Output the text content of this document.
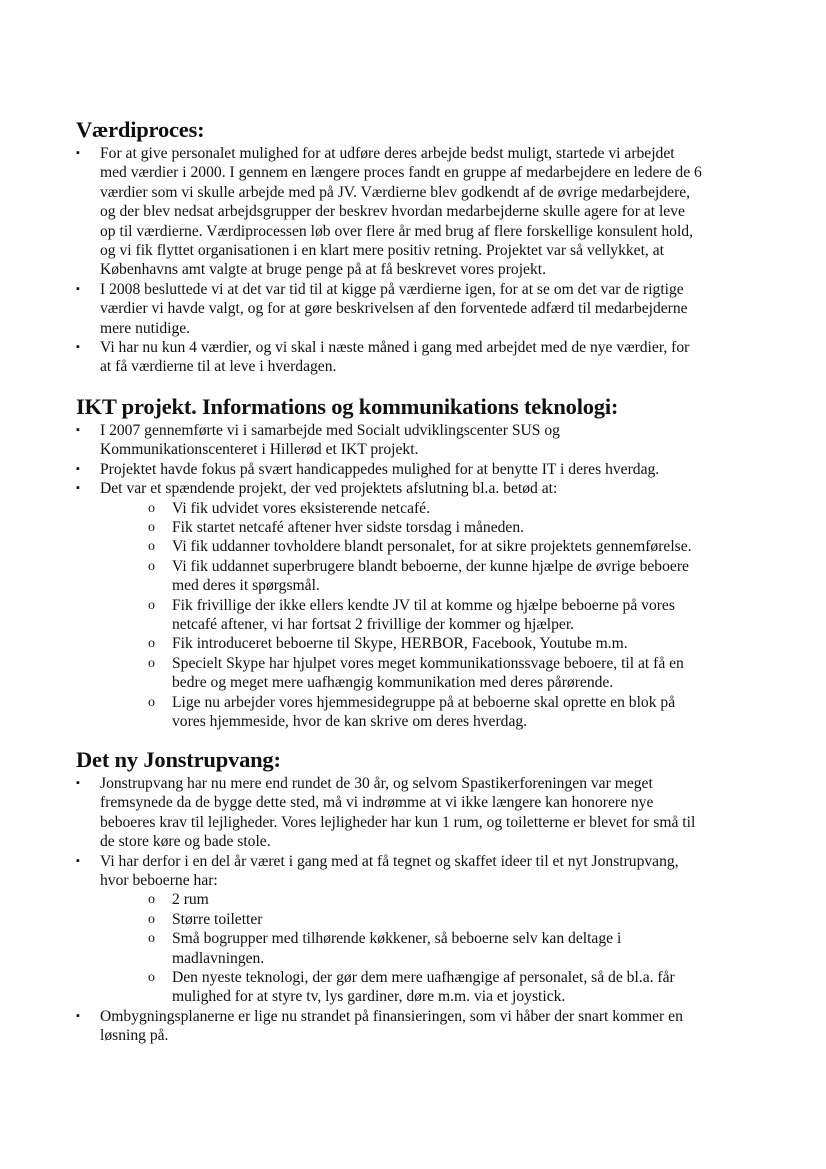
Værdiproces:
▪ For at give personalet mulighed for at udføre deres arbejde bedst muligt, startede vi arbejdet
med værdier i 2000. I gennem en længere proces fandt en gruppe af medarbejdere en ledere de 6
værdier som vi skulle arbejde med på JV. Værdierne blev godkendt af de øvrige medarbejdere,
og der blev nedsat arbejdsgrupper der beskrev hvordan medarbejderne skulle agere for at leve
op til værdierne. Værdiprocessen løb over flere år med brug af flere forskellige konsulent hold,
og vi fik flyttet organisationen i en klart mere positiv retning. Projektet var så vellykket, at
Københavns amt valgte at bruge penge på at få beskrevet vores projekt.
▪ I 2008 besluttede vi at det var tid til at kigge på værdierne igen, for at se om det var de rigtige
værdier vi havde valgt, og for at gøre beskrivelsen af den forventede adfærd til medarbejderne
mere nutidige.
▪ Vi har nu kun 4 værdier, og vi skal i næste måned i gang med arbejdet med de nye værdier, for
at få værdierne til at leve i hverdagen.
IKT projekt. Informations og kommunikations teknologi:
▪ I 2007 gennemførte vi i samarbejde med Socialt udviklingscenter SUS og
Kommunikationscenteret i Hillerød et IKT projekt.
▪ Projektet havde fokus på svært handicappedes mulighed for at benytte IT i deres hverdag.
▪ Det var et spændende projekt, der ved projektets afslutning bl.a. betød at:
o Vi fik udvidet vores eksisterende netcafé.
o Fik startet netcafé aftener hver sidste torsdag i måneden.
o Vi fik uddanner tovholdere blandt personalet, for at sikre projektets gennemførelse.
o Vi fik uddannet superbrugere blandt beboerne, der kunne hjælpe de øvrige beboere
med deres it spørgsmål.
o Fik frivillige der ikke ellers kendte JV til at komme og hjælpe beboerne på vores
netcafé aftener, vi har fortsat 2 frivillige der kommer og hjælper.
o Fik introduceret beboerne til Skype, HERBOR, Facebook, Youtube m.m.
o Specielt Skype har hjulpet vores meget kommunikationssvage beboere, til at få en
bedre og meget mere uafhængig kommunikation med deres pårørende.
o Lige nu arbejder vores hjemmesidegruppe på at beboerne skal oprette en blok på
vores hjemmeside, hvor de kan skrive om deres hverdag.
Det ny Jonstrupvang:
▪ Jonstrupvang har nu mere end rundet de 30 år, og selvom Spastikerforeningen var meget
fremsynede da de bygge dette sted, må vi indrømme at vi ikke længere kan honorere nye
beboeres krav til lejligheder. Vores lejligheder har kun 1 rum, og toiletterne er blevet for små til
de store køre og bade stole.
▪ Vi har derfor i en del år været i gang med at få tegnet og skaffet ideer til et nyt Jonstrupvang,
hvor beboerne har:
o 2 rum
o Større toiletter
o Små bogrupper med tilhørende køkkener, så beboerne selv kan deltage i
madlavningen.
o Den nyeste teknologi, der gør dem mere uafhængige af personalet, så de bl.a. får
mulighed for at styre tv, lys gardiner, døre m.m. via et joystick.
▪ Ombygningsplanerne er lige nu strandet på finansieringen, som vi håber der snart kommer en
løsning på.
